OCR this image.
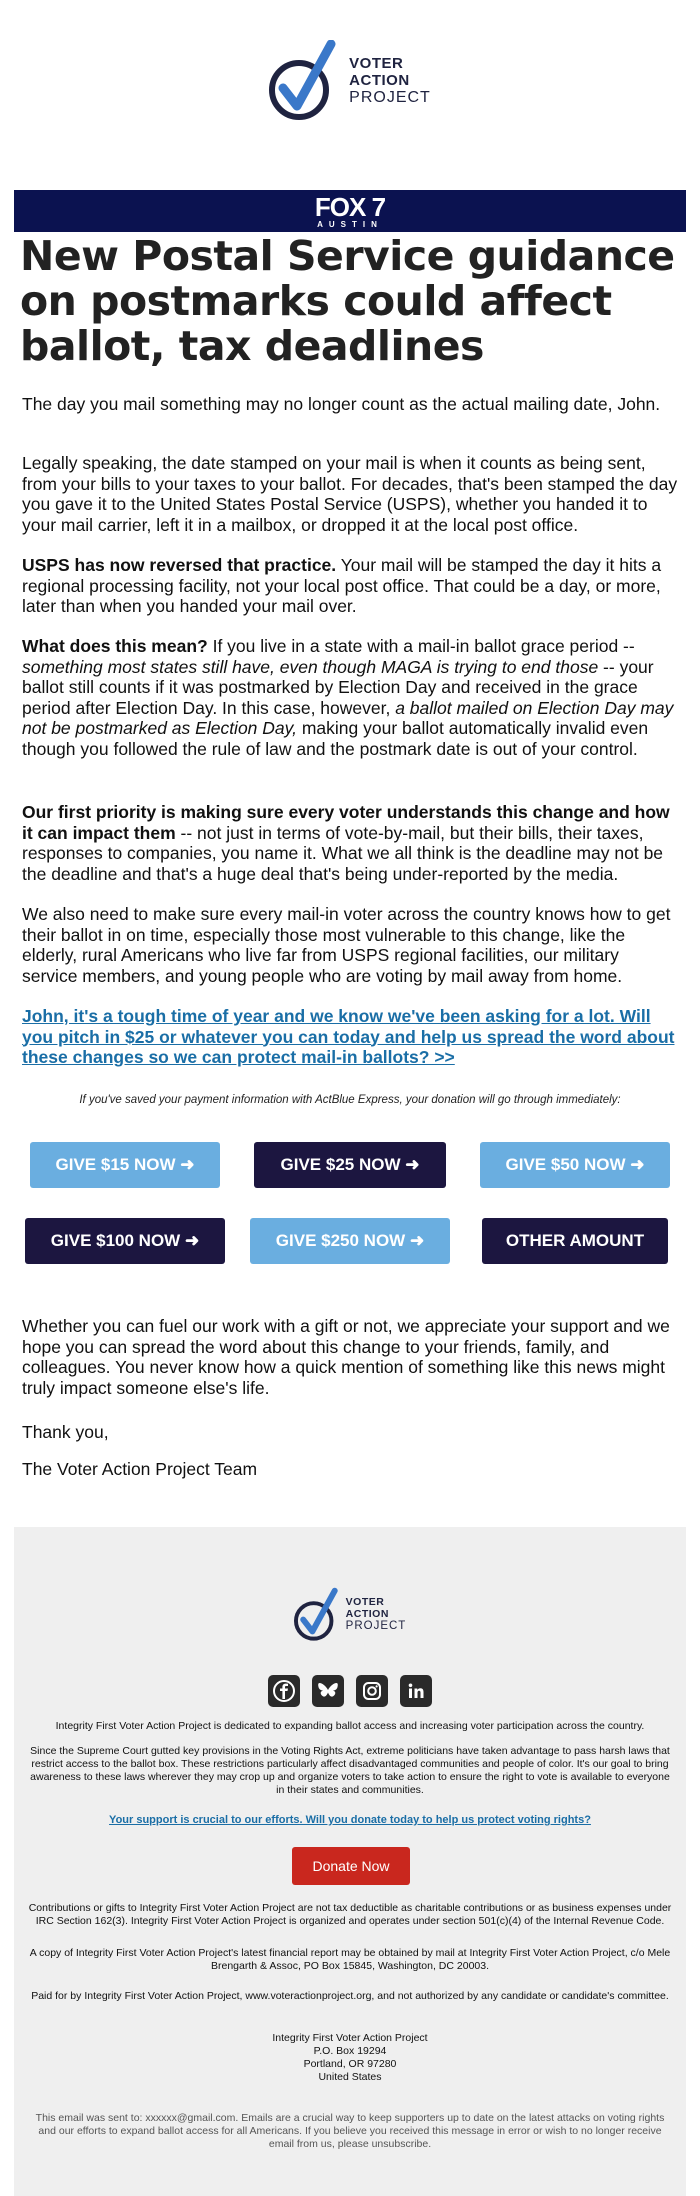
VOTER
ACTION
PROJECT
FOX 7
AUSTIN
New Postal Service guidance on postmarks could affect ballot, tax deadlines

The day you mail something may no longer count as the actual mailing date, John.

Legally speaking, the date stamped on your mail is when it counts as being sent, from your bills to your taxes to your ballot. For decades, that's been stamped the day you gave it to the United States Postal Service (USPS), whether you handed it to your mail carrier, left it in a mailbox, or dropped it at the local post office.

USPS has now reversed that practice. Your mail will be stamped the day it hits a regional processing facility, not your local post office. That could be a day, or more, later than when you handed your mail over.

What does this mean? If you live in a state with a mail-in ballot grace period -- something most states still have, even though MAGA is trying to end those -- your ballot still counts if it was postmarked by Election Day and received in the grace period after Election Day. In this case, however, a ballot mailed on Election Day may not be postmarked as Election Day, making your ballot automatically invalid even though you followed the rule of law and the postmark date is out of your control.

Our first priority is making sure every voter understands this change and how it can impact them -- not just in terms of vote-by-mail, but their bills, their taxes, responses to companies, you name it. What we all think is the deadline may not be the deadline and that's a huge deal that's being under-reported by the media.

We also need to make sure every mail-in voter across the country knows how to get their ballot in on time, especially those most vulnerable to this change, like the elderly, rural Americans who live far from USPS regional facilities, our military service members, and young people who are voting by mail away from home.

John, it's a tough time of year and we know we've been asking for a lot. Will you pitch in $25 or whatever you can today and help us spread the word about these changes so we can protect mail-in ballots? >>

If you've saved your payment information with ActBlue Express, your donation will go through immediately:

GIVE $15 NOW ➜	GIVE $25 NOW ➜	GIVE $50 NOW ➜
GIVE $100 NOW ➜	GIVE $250 NOW ➜	OTHER AMOUNT

Whether you can fuel our work with a gift or not, we appreciate your support and we hope you can spread the word about this change to your friends, family, and colleagues. You never know how a quick mention of something like this news might truly impact someone else's life.

Thank you,

The Voter Action Project Team

VOTER
ACTION
PROJECT

Integrity First Voter Action Project is dedicated to expanding ballot access and increasing voter participation across the country.

Since the Supreme Court gutted key provisions in the Voting Rights Act, extreme politicians have taken advantage to pass harsh laws that restrict access to the ballot box. These restrictions particularly affect disadvantaged communities and people of color. It's our goal to bring awareness to these laws wherever they may crop up and organize voters to take action to ensure the right to vote is available to everyone in their states and communities.

Your support is crucial to our efforts. Will you donate today to help us protect voting rights?

Donate Now

Contributions or gifts to Integrity First Voter Action Project are not tax deductible as charitable contributions or as business expenses under IRC Section 162(3). Integrity First Voter Action Project is organized and operates under section 501(c)(4) of the Internal Revenue Code.

A copy of Integrity First Voter Action Project's latest financial report may be obtained by mail at Integrity First Voter Action Project, c/o Mele Brengarth & Assoc, PO Box 15845, Washington, DC 20003.

Paid for by Integrity First Voter Action Project, www.voteractionproject.org, and not authorized by any candidate or candidate's committee.

Integrity First Voter Action Project

P.O. Box 19294

Portland, OR 97280

United States

This email was sent to: xxxxxx@gmail.com. Emails are a crucial way to keep supporters up to date on the latest attacks on voting rights and our efforts to expand ballot access for all Americans. If you believe you received this message in error or wish to no longer receive email from us, please unsubscribe.
